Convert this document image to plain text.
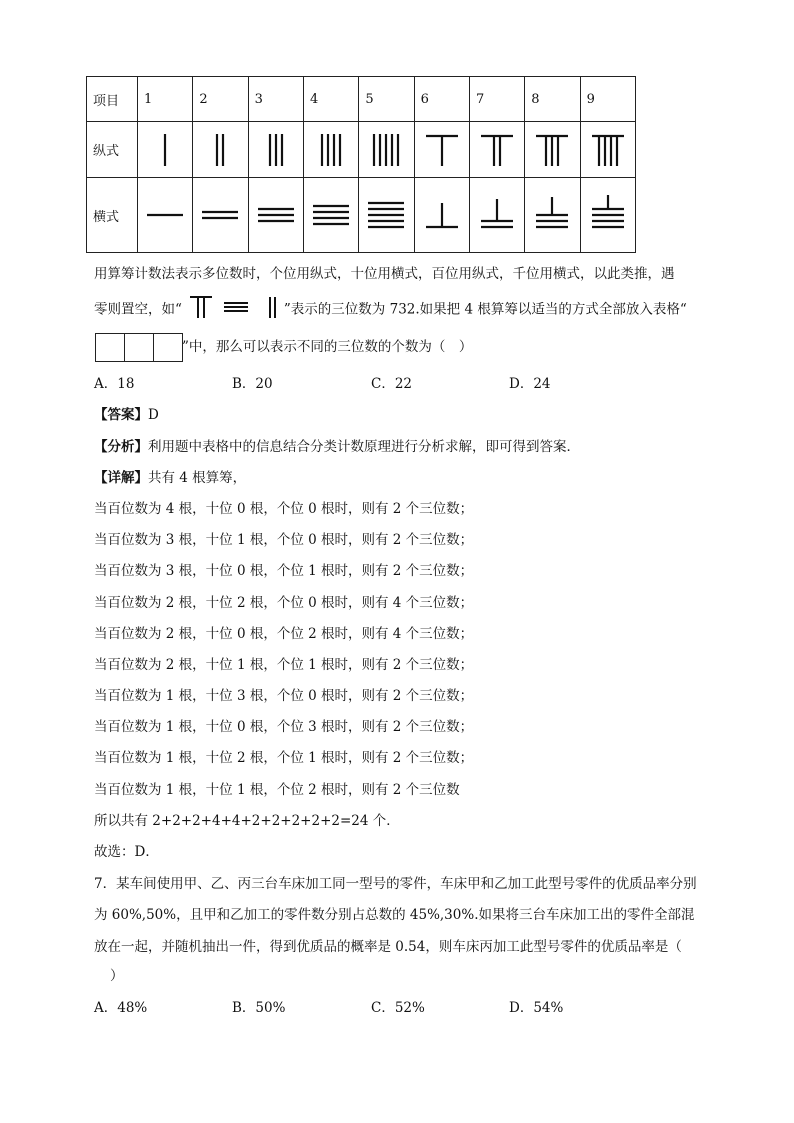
项目	1	2	3	4	5	6	7	8	9
纵式	

横式	

用算筹计数法表示多位数时，个位用纵式，十位用横式，百位用纵式，千位用横式，以此类推，遇
零则置空，如“	”表示的三位数为 732.如果把 4 根算筹以适当的方式全部放入表格“
”中，那么可以表示不同的三位数的个数为（　）
A．18	B．20	C．22	D．24
【答案】D
【分析】利用题中表格中的信息结合分类计数原理进行分析求解，即可得到答案．
【详解】共有 4 根算筹，
当百位数为 4 根，十位 0 根，个位 0 根时，则有 2 个三位数；
当百位数为 3 根，十位 1 根，个位 0 根时，则有 2 个三位数；
当百位数为 3 根，十位 0 根，个位 1 根时，则有 2 个三位数；
当百位数为 2 根，十位 2 根，个位 0 根时，则有 4 个三位数；
当百位数为 2 根，十位 0 根，个位 2 根时，则有 4 个三位数；
当百位数为 2 根，十位 1 根，个位 1 根时，则有 2 个三位数；
当百位数为 1 根，十位 3 根，个位 0 根时，则有 2 个三位数；
当百位数为 1 根，十位 0 根，个位 3 根时，则有 2 个三位数；
当百位数为 1 根，十位 2 根，个位 1 根时，则有 2 个三位数；
当百位数为 1 根，十位 1 根，个位 2 根时，则有 2 个三位数
所以共有 2+2+2+4+4+2+2+2+2+2=24 个．
故选：D．
7．某车间使用甲、乙、丙三台车床加工同一型号的零件，车床甲和乙加工此型号零件的优质品率分别
为 60%,50%，且甲和乙加工的零件数分别占总数的 45%,30%.如果将三台车床加工出的零件全部混
放在一起，并随机抽出一件，得到优质品的概率是 0.54，则车床丙加工此型号零件的优质品率是（
）
A．48%	B．50%	C．52%	D．54%
